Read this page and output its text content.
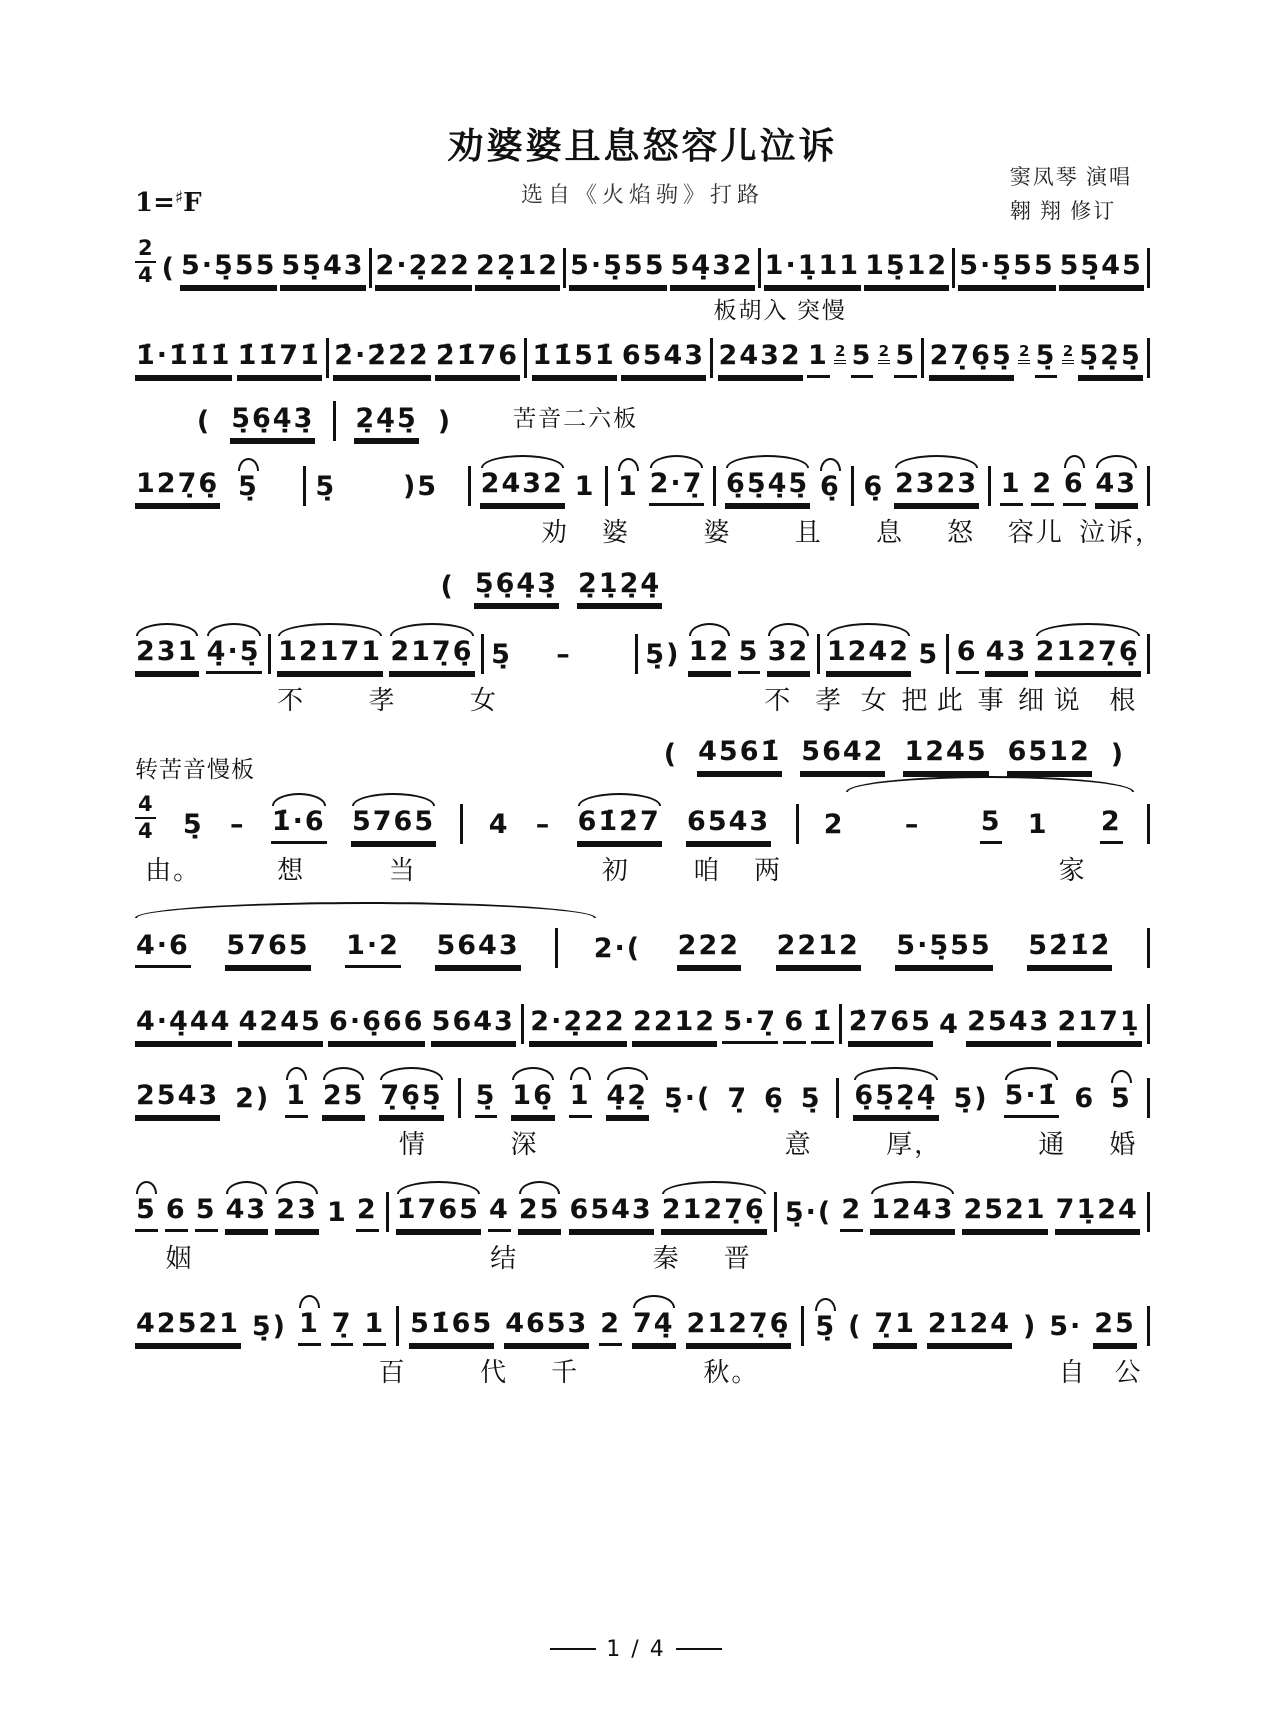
劝婆婆且息怒容儿泣诉
选自《火焰驹》打路
窦凤琴 演唱
翱 翔 修订
1=♯F
$\frac{2}{4}$ ( 5·5̣55 55̣43 2·2̣22 22̣12 5·5̣55 54̣32 1·1̣11 15̣12 5·5̣55 55̣45
板胡入 突慢
1̇·1̇1̇1̇ 1̇1̇71̇ 2̇·2̇2̇2̇ 2̇1̇76 1̇1̇51̇ 6543 2432 1 2 5 2 5 27̣6̣5̣ 2 5̣ 2 5̣2̣5̣
( 5̣6̣4̣3̣ 2̣4̣5̣ )	苦音二六板
127̣6̣ 5̣ 5̣ )5 2432 1 1 2·7̣ 6̣5̣4̣5̣ 6̣ 6̣ 2323 1 2 6 43
劝 婆	婆 且 息 怒 容儿 泣诉，
( 5̣6̣4̣3̣ 2̣1̣2̣4̣
231 4̣·5̣ 12171 217̣6̣ 5̣ –	5̣) 12 5 32 1242 5 6 43 2127̣6̣
不 孝	女	不 孝 女 把 此 事 细 说 根
转苦音慢板	( 4561̇ 5642 1245 6512 )
$\frac{4}{4}$ 5̣ – 1̇·6 5765 4 – 61̇2̇7 6543 2 – 5 1 2
由。	想	当	初 咱 两	家
4·6 5765 1·2 5643	2·( 222 2212 5·5̣55 52̇1̇2̇
4·4̣44 4245 6·6̣66 5643 2·2̣22 2212 5·7̣ 6 1̇ 2̇765 4 2543 2171̣
2543 2) 1 25 7̣6̣5̣ 5̣ 16̣ 1 4̣2̣ 5̣·( 7̣ 6̣ 5̣ 6̣5̣2̣4̣ 5̣) 5·1̇ 6 5
情	深	意	厚，	通 婚
5 6 5 43 23 1 2 1̇765 4 25 6543 2127̣6̣ 5̣·( 2 1243 2521 71̣24
姻	结	秦 晋
42521 5̣) 1 7̣ 1 51̇65 4653 2 74̣ 2127̣6̣ 5̣ ( 7̣1 2124 ) 5· 25
百	代 千	秋。	自 公
1 / 4
